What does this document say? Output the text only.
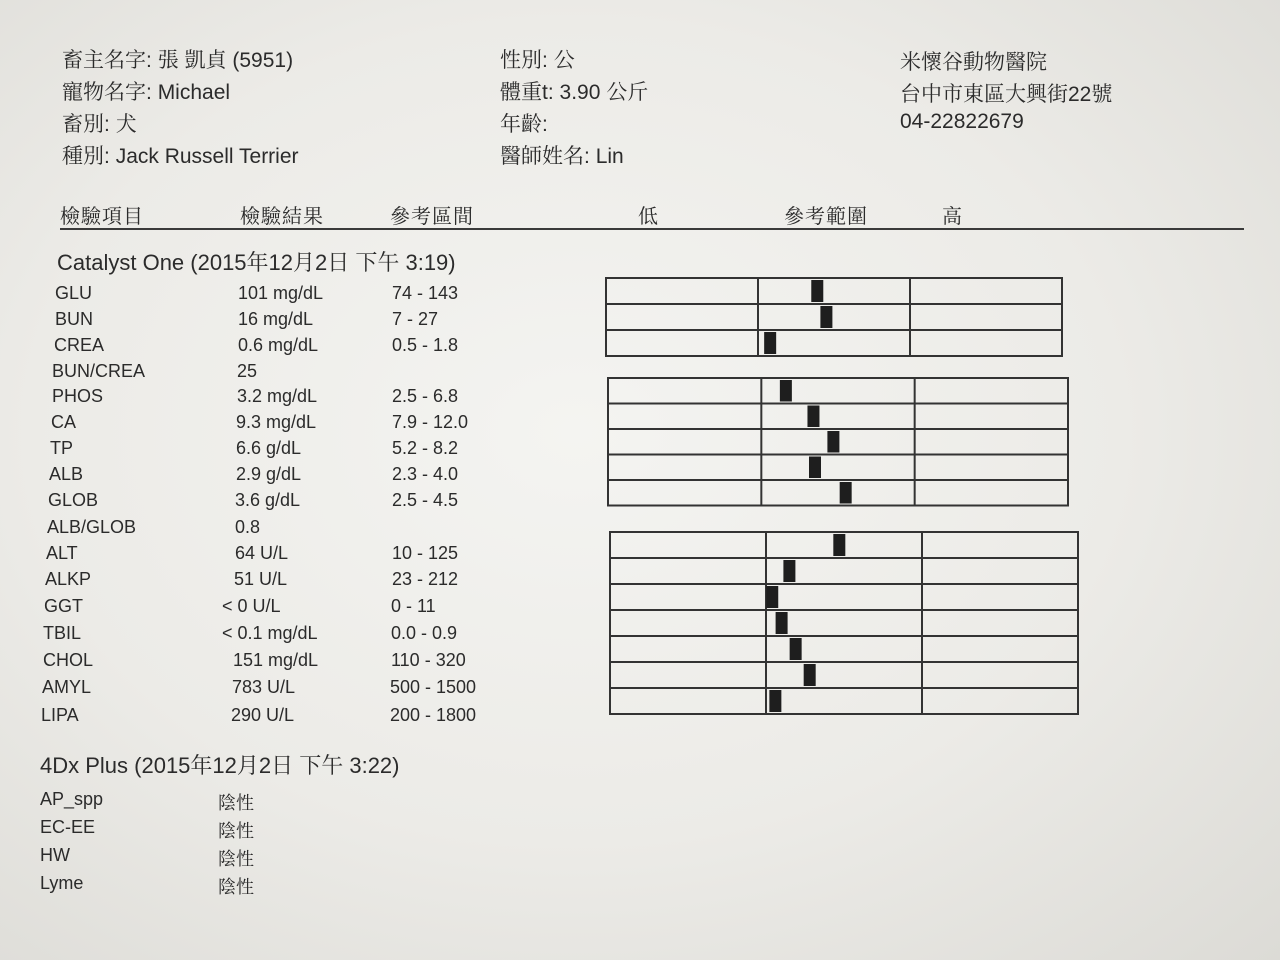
畜主名字: 張 凱貞 (5951)
寵物名字: Michael
畜別: 犬
種別: Jack Russell Terrier
性別: 公
體重t: 3.90 公斤
年齡:
醫師姓名: Lin
米懷谷動物醫院
台中市東區大興街22號
04-22822679
檢驗項目	檢驗結果	參考區間	低	參考範圍	高
Catalyst One (2015年12月2日 下午 3:19)
4Dx Plus (2015年12月2日 下午 3:22)
GLU	101 mg/dL	74 - 143
BUN	16 mg/dL	7 - 27
CREA	0.6 mg/dL	0.5 - 1.8
BUN/CREA	25
PHOS	3.2 mg/dL	2.5 - 6.8
CA	9.3 mg/dL	7.9 - 12.0
TP	6.6 g/dL	5.2 - 8.2
ALB	2.9 g/dL	2.3 - 4.0
GLOB	3.6 g/dL	2.5 - 4.5
ALB/GLOB	0.8
ALT	64 U/L	10 - 125
ALKP	51 U/L	23 - 212
GGT	< 0 U/L	0 - 11
TBIL	< 0.1 mg/dL	0.0 - 0.9
CHOL	151 mg/dL	110 - 320
AMYL	783 U/L	500 - 1500
LIPA	290 U/L	200 - 1800
AP_spp	陰性
EC-EE	陰性
HW	陰性
Lyme	陰性
